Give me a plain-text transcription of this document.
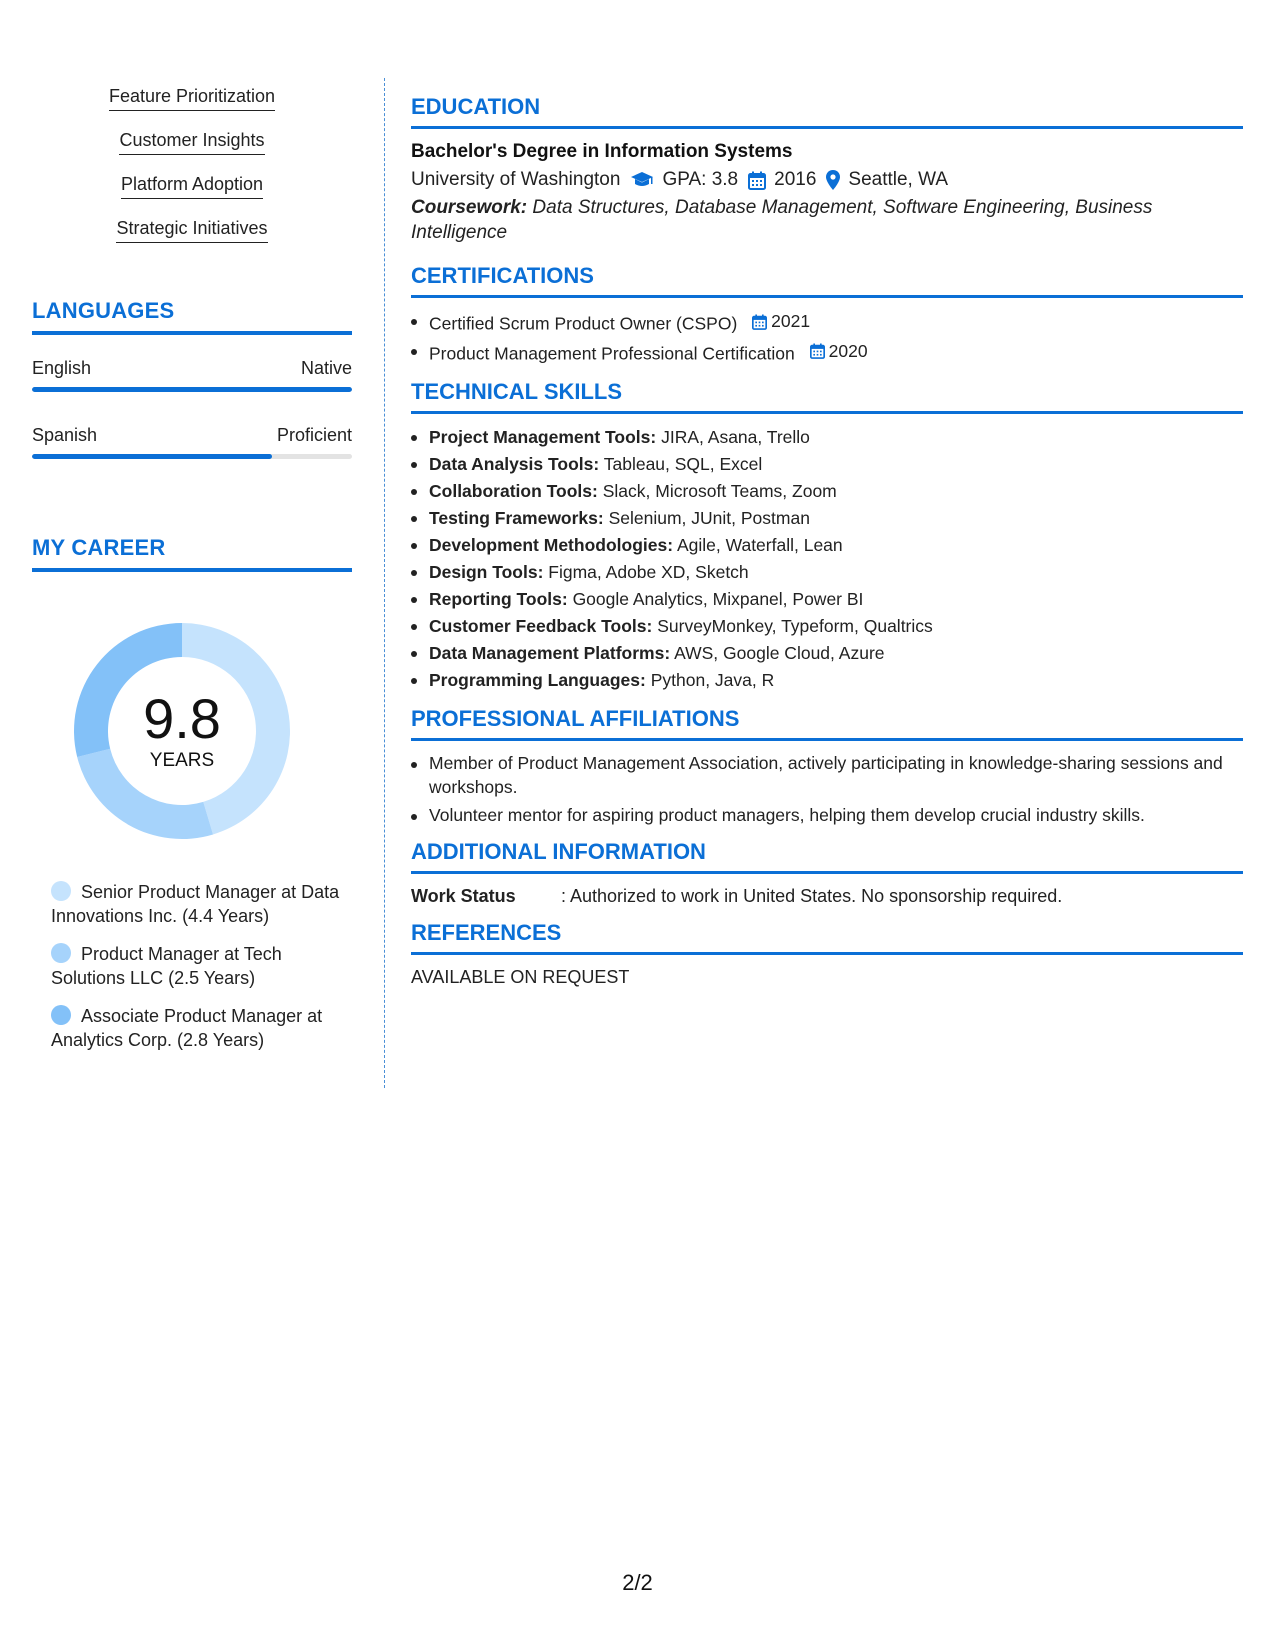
Feature Prioritization
Customer Insights
Platform Adoption
Strategic Initiatives
LANGUAGES
English	Native
Spanish	Proficient
MY CAREER
9.8
YEARS
Senior Product Manager at Data Innovations Inc. (4.4 Years)
Product Manager at Tech Solutions LLC (2.5 Years)
Associate Product Manager at Analytics Corp. (2.8 Years)
EDUCATION
Bachelor's Degree in Information Systems
University of Washington GPA: 3.8 2016 Seattle, WA
Coursework: Data Structures, Database Management, Software Engineering, Business Intelligence
CERTIFICATIONS
Certified Scrum Product Owner (CSPO) 2021
Product Management Professional Certification 2020
TECHNICAL SKILLS
Project Management Tools: JIRA, Asana, Trello
Data Analysis Tools: Tableau, SQL, Excel
Collaboration Tools: Slack, Microsoft Teams, Zoom
Testing Frameworks: Selenium, JUnit, Postman
Development Methodologies: Agile, Waterfall, Lean
Design Tools: Figma, Adobe XD, Sketch
Reporting Tools: Google Analytics, Mixpanel, Power BI
Customer Feedback Tools: SurveyMonkey, Typeform, Qualtrics
Data Management Platforms: AWS, Google Cloud, Azure
Programming Languages: Python, Java, R
PROFESSIONAL AFFILIATIONS
Member of Product Management Association, actively participating in knowledge-sharing sessions and workshops.
Volunteer mentor for aspiring product managers, helping them develop crucial industry skills.
ADDITIONAL INFORMATION
Work Status	: Authorized to work in United States. No sponsorship required.
REFERENCES
AVAILABLE ON REQUEST
2/2
